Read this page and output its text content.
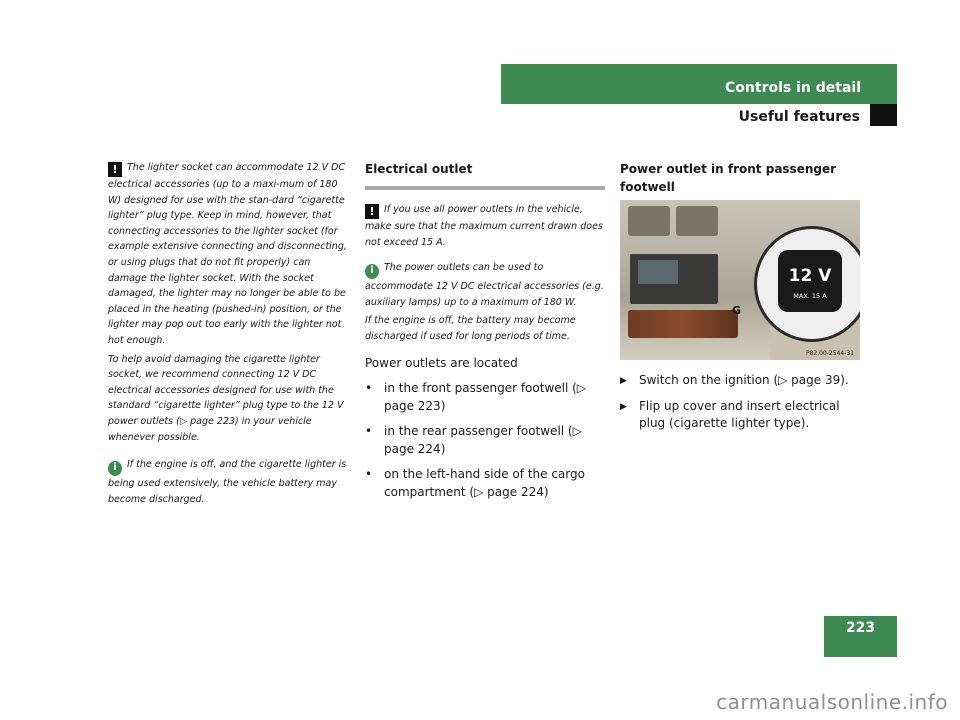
Controls in detail
Useful features

! The lighter socket can accommodate 12 V DC electrical accessories (up to a maxi-mum of 180 W) designed for use with the stan-dard “cigarette lighter” plug type. Keep in mind, however, that connecting accessories to the lighter socket (for example extensive connecting and disconnecting, or using plugs that do not fit properly) can damage the lighter socket. With the socket damaged, the lighter may no longer be able to be placed in the heating (pushed-in) position, or the lighter may pop out too early with the lighter not hot enough.

To help avoid damaging the cigarette lighter socket, we recommend connecting 12 V DC electrical accessories designed for use with the standard “cigarette lighter” plug type to the 12 V power outlets (▷ page 223) in your vehicle whenever possible.

i If the engine is off, and the cigarette lighter is being used extensively, the vehicle battery may become discharged.

Electrical outlet

! If you use all power outlets in the vehicle, make sure that the maximum current drawn does not exceed 15 A.

i The power outlets can be used to accommodate 12 V DC electrical accessories (e.g. auxiliary lamps) up to a maximum of 180 W.

If the engine is off, the battery may become discharged if used for long periods of time.

Power outlets are located
• in the front passenger footwell (▷ page 223)
• in the rear passenger footwell (▷ page 224)
• on the left-hand side of the cargo compartment (▷ page 224)
Power outlet in front passenger footwell
12 V
MAX. 15 A
G
P82.00-2544-31
▶ Switch on the ignition (▷ page 39).
▶ Flip up cover and insert electrical plug (cigarette lighter type).
223
carmanualsonline.info
